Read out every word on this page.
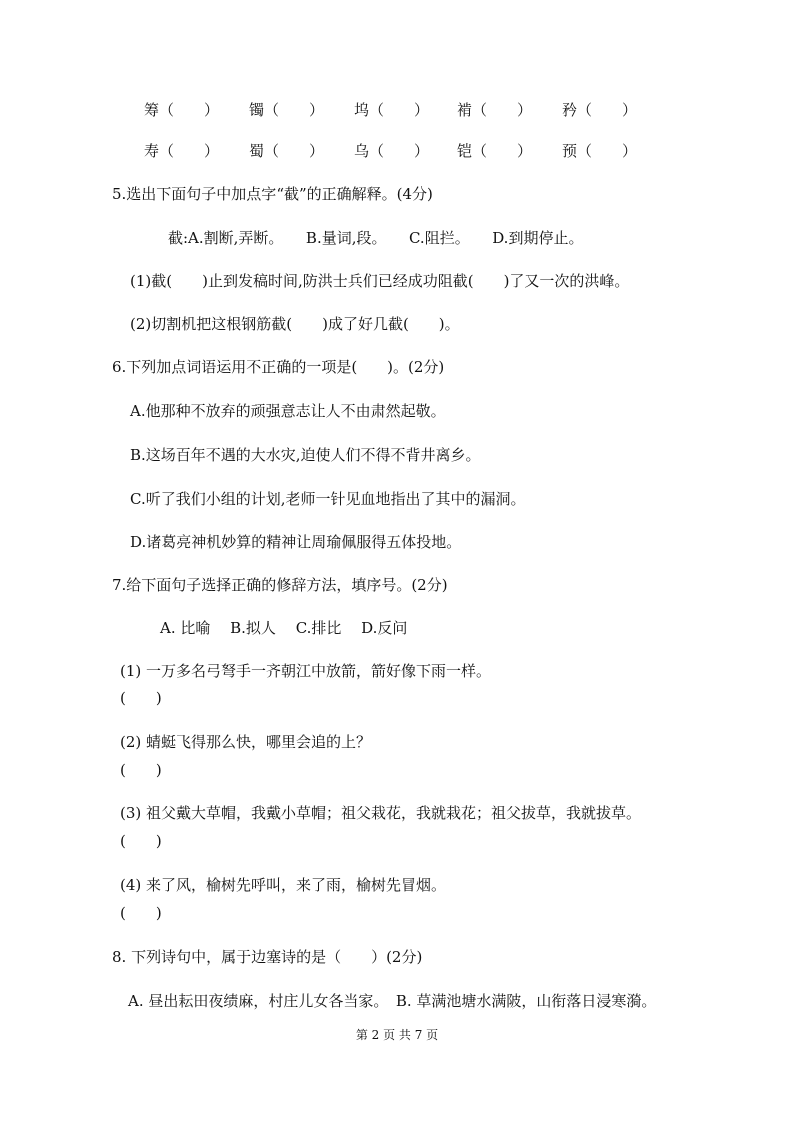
筹（　　） 镯（　　） 坞（　　） 褃（　　） 矜（　　）
寿（　　） 蜀（　　） 乌（　　） 铠（　　） 预（　　）
5.选出下面句子中加点字“截”的正确解释。(4分)
截:A.割断,弄断。　　B.量词,段。　　C.阻拦。　　D.到期停止。
(1)截(　　)止到发稿时间,防洪士兵们已经成功阻截(　　)了又一次的洪峰。
(2)切割机把这根钢筋截(　　)成了好几截(　　)。
6.下列加点词语运用不正确的一项是(　　)。(2分)
A.他那种不放弃的顽强意志让人不由肃然起敬。
B.这场百年不遇的大水灾,迫使人们不得不背井离乡。
C.听了我们小组的计划,老师一针见血地指出了其中的漏洞。
D.诸葛亮神机妙算的精神让周瑜佩服得五体投地。
7.给下面句子选择正确的修辞方法，填序号。(2分)
A. 比喻　 B.拟人　 C.排比　 D.反问
(1) 一万多名弓弩手一齐朝江中放箭，箭好像下雨一样。
(　　)
(2) 蜻蜓飞得那么快，哪里会追的上？
(　　)
(3) 祖父戴大草帽，我戴小草帽；祖父栽花，我就栽花；祖父拔草，我就拔草。
(　　)
(4) 来了风，榆树先呼叫，来了雨，榆树先冒烟。
(　　)
8. 下列诗句中，属于边塞诗的是（　　）(2分)
A. 昼出耘田夜绩麻，村庄儿女各当家。　B. 草满池塘水满陂，山衔落日浸寒漪。
第 2 页 共 7 页
